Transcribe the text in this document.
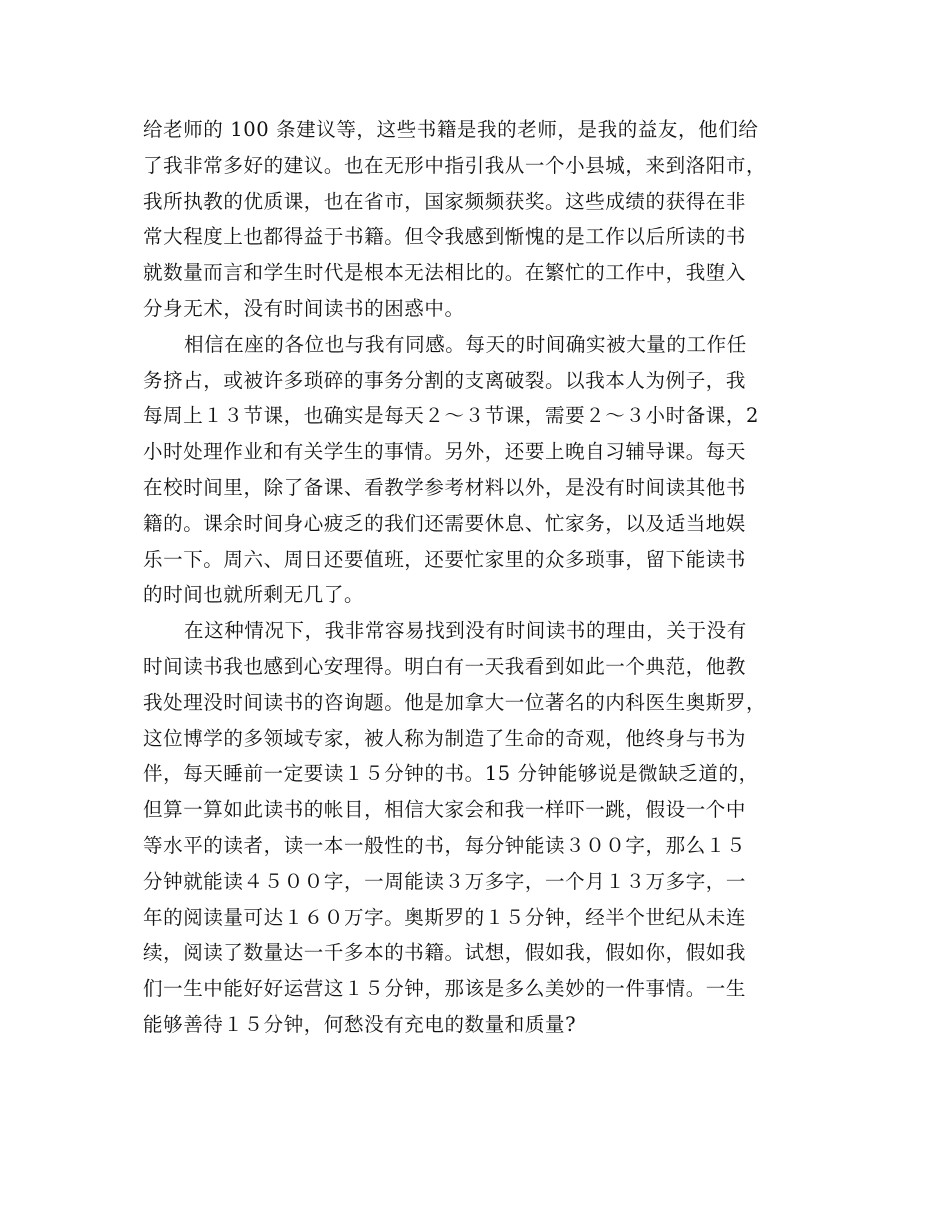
给老师的 100 条建议等，这些书籍是我的老师，是我的益友，他们给
了我非常多好的建议。也在无形中指引我从一个小县城，来到洛阳市，
我所执教的优质课，也在省市，国家频频获奖。这些成绩的获得在非
常大程度上也都得益于书籍。但令我感到惭愧的是工作以后所读的书
就数量而言和学生时代是根本无法相比的。在繁忙的工作中，我堕入
分身无术，没有时间读书的困惑中。
相信在座的各位也与我有同感。每天的时间确实被大量的工作任
务挤占，或被许多琐碎的事务分割的支离破裂。以我本人为例子，我
每周上１３节课，也确实是每天２～３节课，需要２～３小时备课，2
小时处理作业和有关学生的事情。另外，还要上晚自习辅导课。每天
在校时间里，除了备课、看教学参考材料以外，是没有时间读其他书
籍的。课余时间身心疲乏的我们还需要休息、忙家务，以及适当地娱
乐一下。周六、周日还要值班，还要忙家里的众多琐事，留下能读书
的时间也就所剩无几了。
在这种情况下，我非常容易找到没有时间读书的理由，关于没有
时间读书我也感到心安理得。明白有一天我看到如此一个典范，他教
我处理没时间读书的咨询题。他是加拿大一位著名的内科医生奥斯罗，
这位博学的多领域专家，被人称为制造了生命的奇观，他终身与书为
伴，每天睡前一定要读１５分钟的书。15 分钟能够说是微缺乏道的，
但算一算如此读书的帐目，相信大家会和我一样吓一跳，假设一个中
等水平的读者，读一本一般性的书，每分钟能读３００字，那么１５
分钟就能读４５００字，一周能读３万多字，一个月１３万多字，一
年的阅读量可达１６０万字。奥斯罗的１５分钟，经半个世纪从未连
续，阅读了数量达一千多本的书籍。试想，假如我，假如你，假如我
们一生中能好好运营这１５分钟，那该是多么美妙的一件事情。一生
能够善待１５分钟，何愁没有充电的数量和质量?
